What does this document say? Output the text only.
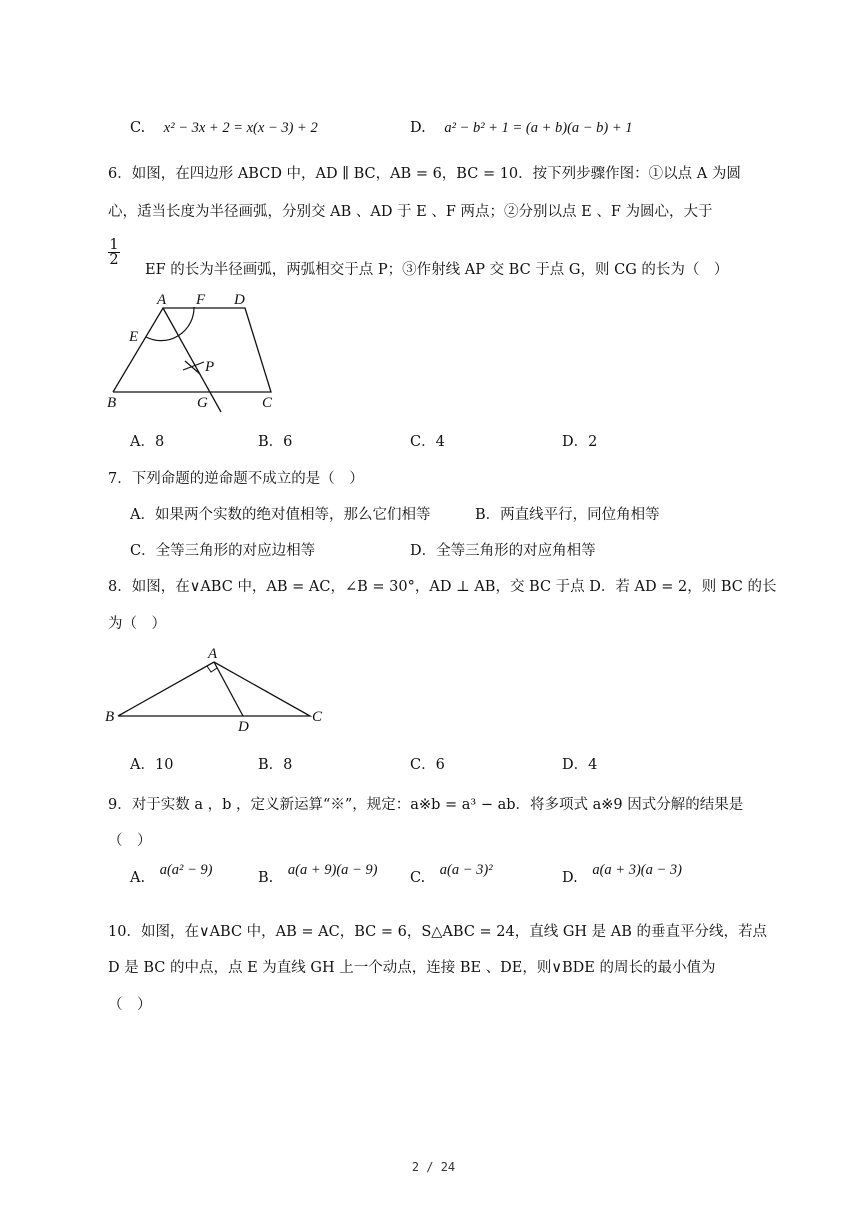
C. x² − 3x + 2 = x(x − 3) + 2	D. a² − b² + 1 = (a + b)(a − b) + 1
6．如图，在四边形 ABCD 中，AD ∥ BC，AB = 6，BC = 10．按下列步骤作图：①以点 A 为圆
心，适当长度为半径画弧，分别交 AB 、AD 于 E 、F 两点；②分别以点 E 、F 为圆心，大于
$\frac{1}{2}$
EF 的长为半径画弧，两弧相交于点 P；③作射线 AP 交 BC 于点 G，则 CG 的长为（　）
A F D
E
P
B	G	C
A．8	B．6	C．4	D．2
7．下列命题的逆命题不成立的是（　）
A．如果两个实数的绝对值相等，那么它们相等	B．两直线平行，同位角相等
C．全等三角形的对应边相等	D．全等三角形的对应角相等
8．如图，在∨ABC 中，AB = AC，∠B = 30°，AD ⊥ AB，交 BC 于点 D．若 AD = 2，则 BC 的长
为（　）
A
B
D
C
A．10	B．8	C．6	D．4
9．对于实数 a ，b ，定义新运算“※”，规定：a※b = a³ − ab．将多项式 a※9 因式分解的结果是
（　）
A. a(a² − 9)	B. a(a + 9)(a − 9) C. a(a − 3)²	D. a(a + 3)(a − 3)
10．如图，在∨ABC 中，AB = AC，BC = 6，S△ABC = 24，直线 GH 是 AB 的垂直平分线，若点
D 是 BC 的中点，点 E 为直线 GH 上一个动点，连接 BE 、DE，则∨BDE 的周长的最小值为
（　）
2 / 24
